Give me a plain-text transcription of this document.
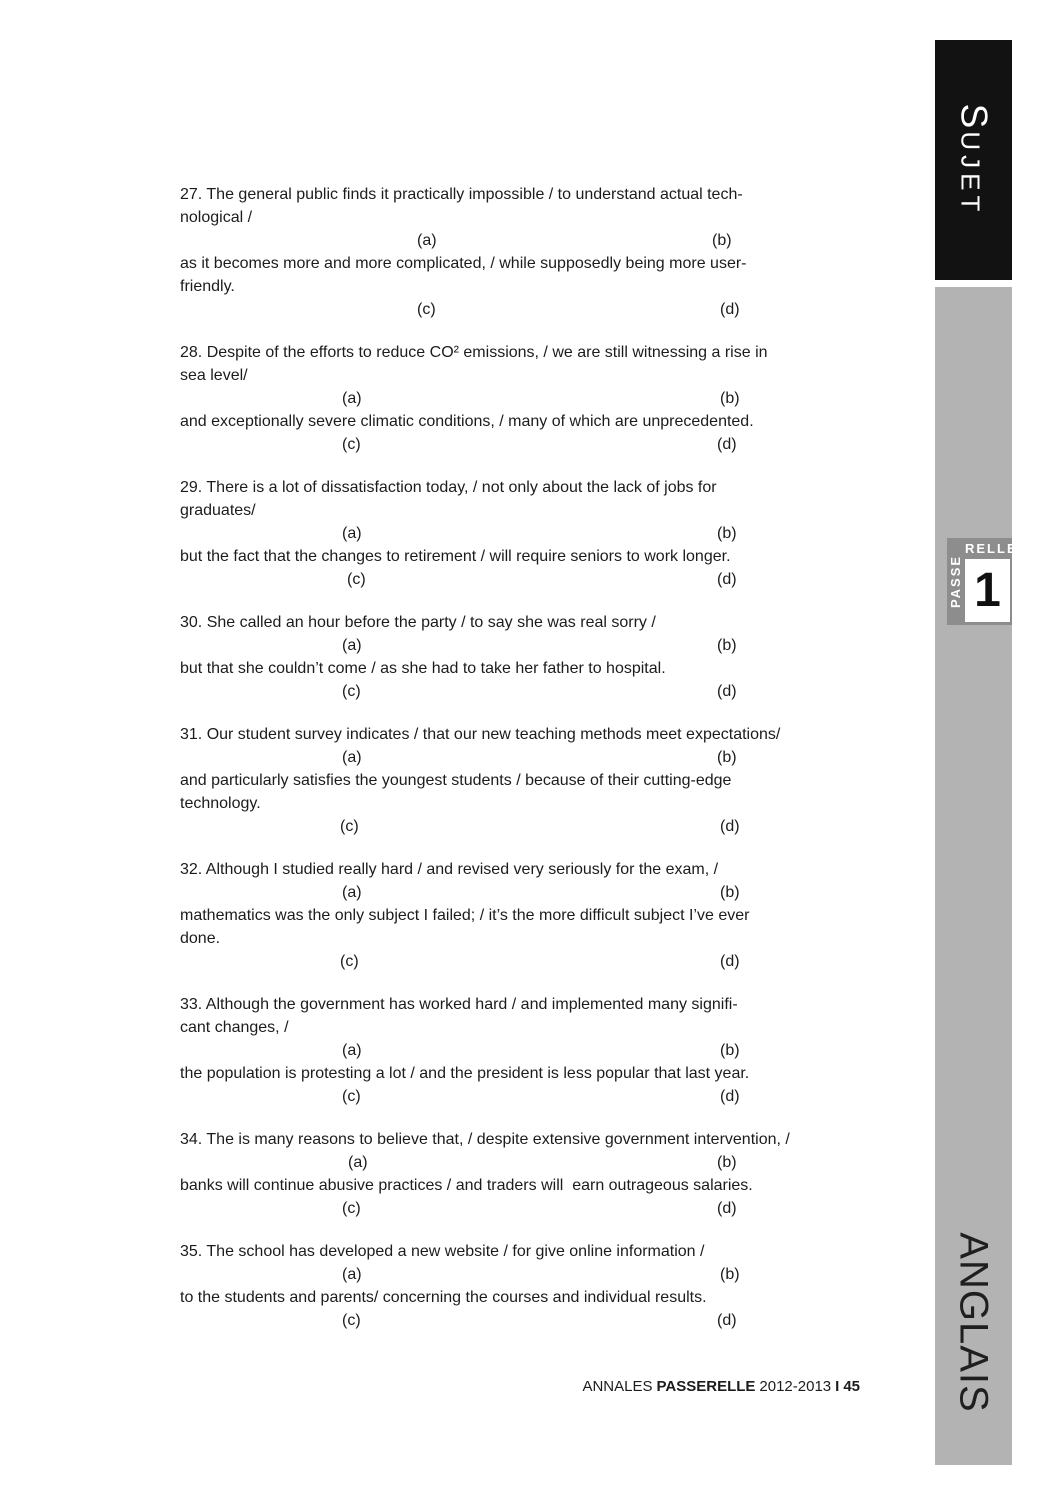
27. The general public finds it practically impossible / to understand actual tech-
nological /
(a)	(b)
as it becomes more and more complicated, / while supposedly being more user-
friendly.
(c)	(d)
28. Despite of the efforts to reduce CO² emissions, / we are still witnessing a rise in
sea level/
(a)	(b)
and exceptionally severe climatic conditions, / many of which are unprecedented.
(c)	(d)
29. There is a lot of dissatisfaction today, / not only about the lack of jobs for
graduates/
(a)	(b)
but the fact that the changes to retirement / will require seniors to work longer.
(c)	(d)
30. She called an hour before the party / to say she was real sorry /
(a)	(b)
but that she couldn’t come / as she had to take her father to hospital.
(c)	(d)
31. Our student survey indicates / that our new teaching methods meet expectations/
(a)	(b)
and particularly satisfies the youngest students / because of their cutting-edge
technology.
(c)	(d)
32. Although I studied really hard / and revised very seriously for the exam, /
(a)	(b)
mathematics was the only subject I failed; / it’s the more difficult subject I’ve ever
done.
(c)	(d)
33. Although the government has worked hard / and implemented many signifi-
cant changes, /
(a)	(b)
the population is protesting a lot / and the president is less popular that last year.
(c)	(d)
34. The is many reasons to believe that, / despite extensive government intervention, /
(a)	(b)
banks will continue abusive practices / and traders will  earn outrageous salaries.
(c)	(d)
35. The school has developed a new website / for give online information /
(a)	(b)
to the students and parents/ concerning the courses and individual results.
(c)	(d)
ANNALES PASSERELLE 2012-2013 I 45
SUJET
PASSE
RELLE
1
ANGLAIS
